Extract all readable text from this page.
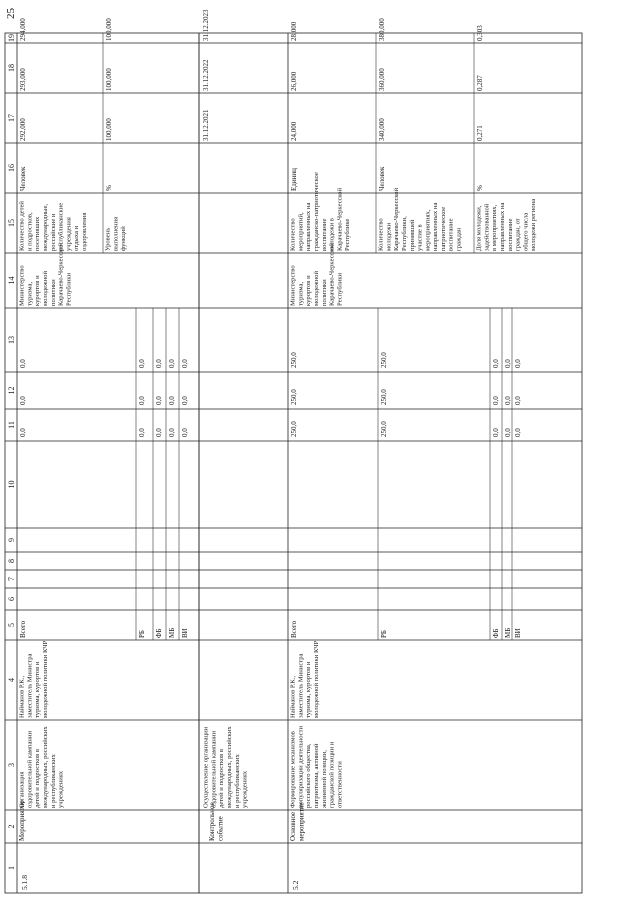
1
2
3
4
5
6
7
8
9
10
11
12
13
14
15
16
17
18
19
25
5.1.8
Мероприятие
Организацияоздоровительной кампаниидетей и подростков вмеждународных, российскихи республиканскихучреждениях
Найманов Р.К.,заместитель Министратуризма, курортов имолодежной политики КЧР
Всего
0,0
0,0
0,0
РБ
0,0
0,0
0,0
ФБ
0,0
0,0
0,0
МБ
0,0
0,0
0,0
ВИ
0,0
0,0
0,0
Министерствотуризма,курортов имолодежнойполитикиКарачаево-ЧеркесскойРеспублики
Количество детейи подростков,посетившихмеждународные,российские иреспубликанскиеучрежденияотдыха иоздоровления
Человек
292,000
293,000
294,000
Уровеньвыполненияфункций
%
100,000
100,000
100,000
Контрольноесобытие
Осуществление организацииоздоровительной кампаниидетей и подростков вмеждународных, российскихи республиканскихучреждениях
31.12.2021
31.12.2022
31.12.2023
5.2
Основноемероприятие
Формирование механизмовпопуляризации деятельностироссийского общества,патриотизма, активнойжизненной позиции,гражданской позиции иответственности
Найманов Р.К.,заместитель Министратуризма, курортов имолодежной политики КЧР
Всего
250,0
250,0
250,0
РБ
250,0
250,0
250,0
ФБ
0,0
0,0
0,0
МБ
0,0
0,0
0,0
ВИ
0,0
0,0
0,0
Министерствотуризма,курортов имолодежнойполитикиКарачаево-ЧеркесскойРеспублики
Количествомероприятий,направленных награжданско-патриотическоевоспитаниемолодежи вКарачаево-ЧеркесскойРеспублике
Единиц
24,000
26,000
28,000
КоличествомолодежиКарачаево-ЧеркесскойРеспублики,принявшейучастие вмероприятиях,направленных напатриотическоевоспитаниеграждан
Человек
340,000
360,000
380,000
Доля молодежи,задействованнойв мероприятиях,направленных навоспитаниеграждан, отобщего числамолодежи региона
%
0,271
0,287
0,303
